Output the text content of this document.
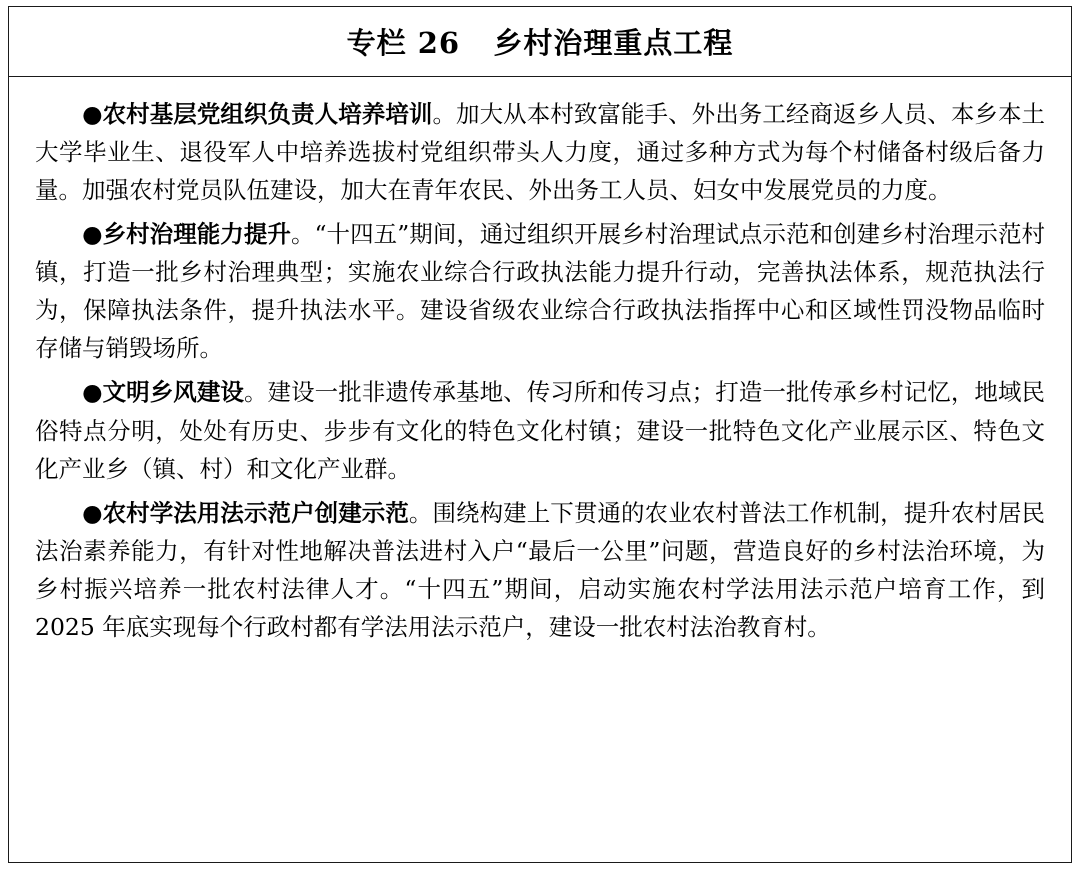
专栏 26   乡村治理重点工程

●农村基层党组织负责人培养培训。加大从本村致富能手、外出务工经商返乡人员、本乡本土大学毕业生、退役军人中培养选拔村党组织带头人力度，通过多种方式为每个村储备村级后备力量。加强农村党员队伍建设，加大在青年农民、外出务工人员、妇女中发展党员的力度。

●乡村治理能力提升。“十四五”期间，通过组织开展乡村治理试点示范和创建乡村治理示范村镇，打造一批乡村治理典型；实施农业综合行政执法能力提升行动，完善执法体系，规范执法行为，保障执法条件，提升执法水平。建设省级农业综合行政执法指挥中心和区域性罚没物品临时存储与销毁场所。

●文明乡风建设。建设一批非遗传承基地、传习所和传习点；打造一批传承乡村记忆，地域民俗特点分明，处处有历史、步步有文化的特色文化村镇；建设一批特色文化产业展示区、特色文化产业乡（镇、村）和文化产业群。

●农村学法用法示范户创建示范。围绕构建上下贯通的农业农村普法工作机制，提升农村居民法治素养能力，有针对性地解决普法进村入户“最后一公里”问题，营造良好的乡村法治环境，为乡村振兴培养一批农村法律人才。“十四五”期间，启动实施农村学法用法示范户培育工作，到 2025 年底实现每个行政村都有学法用法示范户，建设一批农村法治教育村。
